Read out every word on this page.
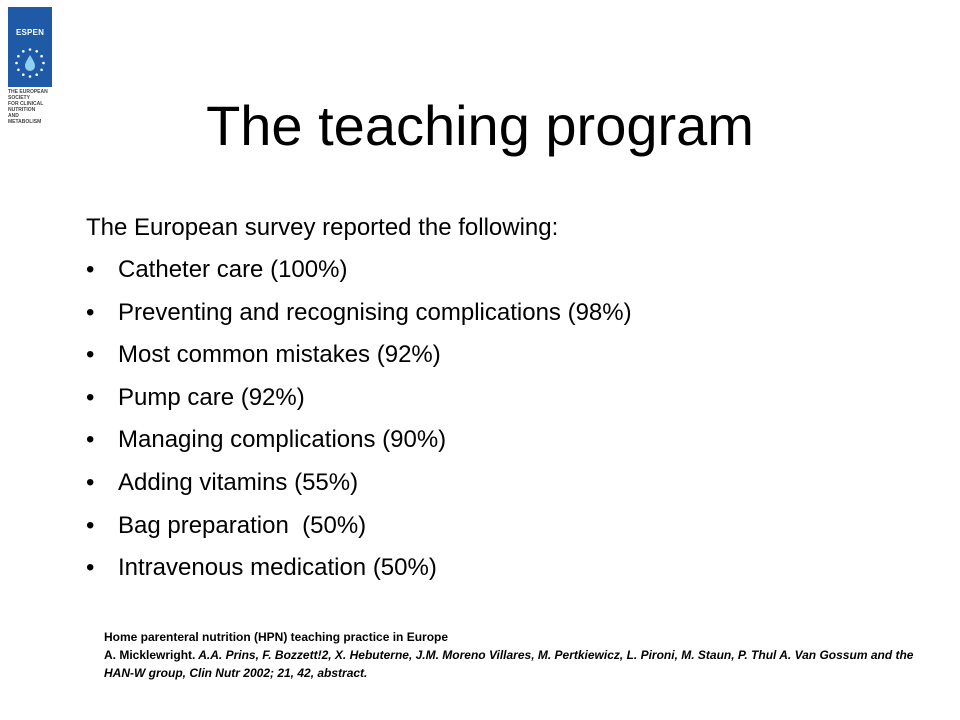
ESPEN
THE EUROPEAN
SOCIETY
FOR CLINICAL
NUTRITION
AND
METABOLISM	The teaching program

The European survey reported the following:

• Catheter care (100%)
• Preventing and recognising complications (98%)
• Most common mistakes (92%)
• Pump care (92%)
• Managing complications (90%)
• Adding vitamins (55%)
• Bag preparation  (50%)
• Intravenous medication (50%)
Home parenteral nutrition (HPN) teaching practice in Europe
A. Micklewright. A.A. Prins, F. Bozzett!2, X. Hebuterne, J.M. Moreno Villares, M. Pertkiewicz, L. Pironi, M. Staun, P. Thul A. Van Gossum and the HAN-W group, Clin Nutr 2002; 21, 42, abstract.
